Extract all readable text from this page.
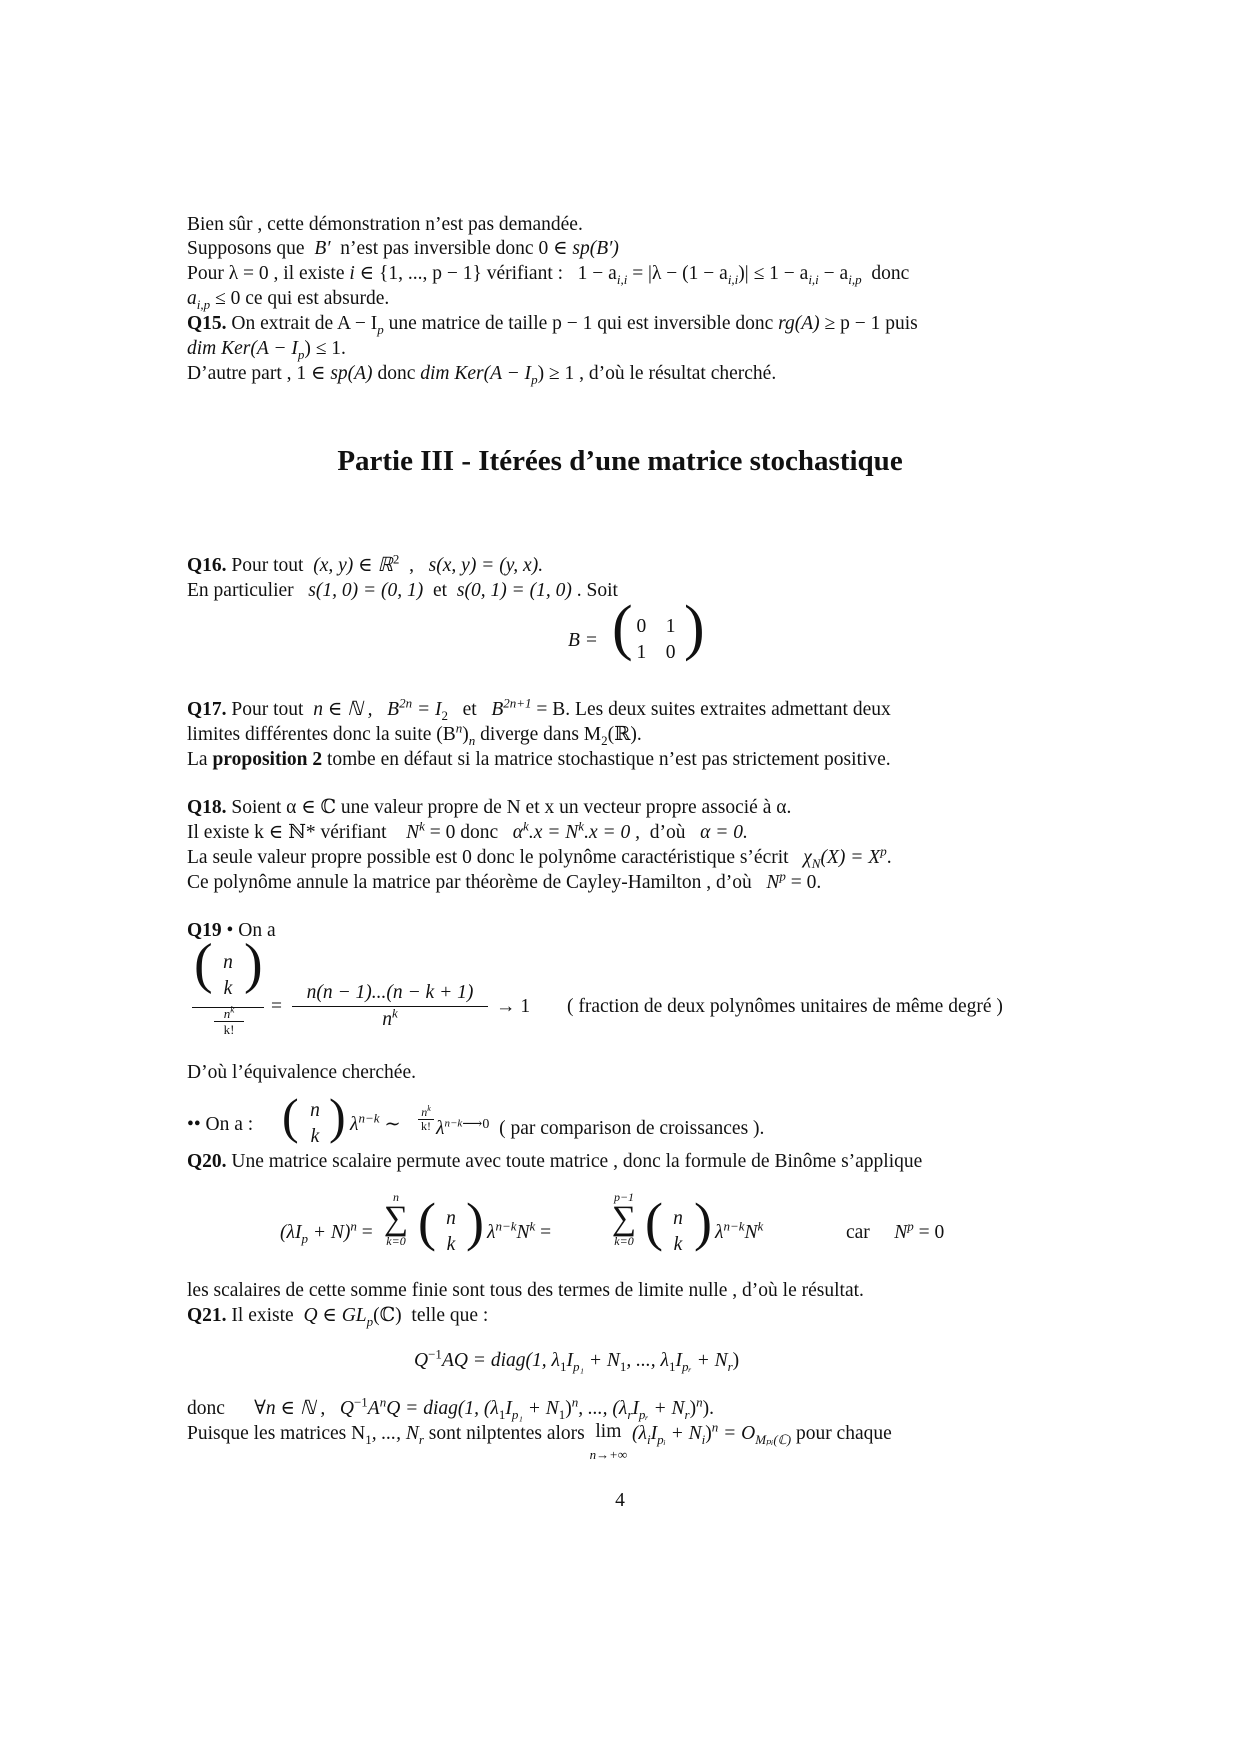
Bien sûr , cette démonstration n’est pas demandée.
Supposons que B′ n’est pas inversible donc 0 ∈ sp(B′)
Pour λ = 0 , il existe i ∈ {1, ..., p − 1} vérifiant : $1 - a_{i,i} = |\lambda - (1 - a_{i,i})| \le 1 - a_{i,i} - a_{i,p}$ donc
$a_{i,p} \le 0$ ce qui est absurde.
Q15. On extrait de $A - I_p$ une matrice de taille p − 1 qui est inversible donc rg(A) ≥ p − 1 puis
dim $Ker(A - I_p) \le 1$.
D’autre part , 1 ∈ sp(A) donc dim $Ker(A - I_p) \ge 1$ , d’où le résultat cherché.
Partie III - Itérées d’une matrice stochastique
Q16. Pour tout (x, y) ∈ ℝ$^2$ , s(x, y) = (y, x).
En particulier s(1, 0) = (0, 1) et s(0, 1) = (1, 0) . Soit
B = ( 0 1
1 0 )
Q17. Pour tout n ∈ ℕ , $B^{2n} = I_2$ et $B^{2n+1} = B$. Les deux suites extraites admettant deux
limites différentes donc la suite $(B^n)_n$ diverge dans $M_2(ℝ)$.
La proposition 2 tombe en défaut si la matrice stochastique n’est pas strictement positive.
Q18. Soient α ∈ ℂ une valeur propre de N et x un vecteur propre associé à α.
Il existe k ∈ ℕ* vérifiant $N^k = 0$ donc $\alpha^k.x = N^k.x = 0$ , d’où α = 0.
La seule valeur propre possible est 0 donc le polynôme caractéristique s’écrit $\chi_N(X) = X^p$.
Ce polynôme annule la matrice par théorème de Cayley-Hamilton , d’où $N^p = 0$.
Q19 • On a
( n
k )
$n^k$
k!
=
n(n − 1)...(n − k + 1)
$n^k$	→ 1 ( fraction de deux polynômes unitaires de même degré )
D’où l’équivalence cherchée.
•• On a : ( n
k ) $\lambda^{n-k}$ ∼
$n^k$
k! $\lambda^{n-k⟶0}$ ( par comparison de croissances ).
Q20. Une matrice scalaire permute avec toute matrice , donc la formule de Binôme s’applique
$(\lambda I_p + N)^n$ =
n
∑
k=0 ( n
k ) $\lambda^{n-k}N^k$ =
p−1
∑
k=0 ( n
k ) $\lambda^{n-k}N^k$	car $N^p = 0$
les scalaires de cette somme finie sont tous des termes de limite nulle , d’où le résultat.
Q21. Il existe Q ∈ $GL_p(ℂ)$ telle que :
$Q^{-1}AQ$ = diag(1, $\lambda_1I_{p_1} + N_1$, ..., $\lambda_1I_{pᵣ} + N_r$)
donc ∀n ∈ ℕ , $Q^{-1}A^nQ$ = diag(1, $(\lambda_1I_{p_1} + N_1)^n$, ..., $(\lambda_rI_{pᵣ} + N_r)^n$).
Puisque les matrices $N_1$, ..., $N_r$ sont nilptentes alors lim
n→+∞ $(\lambda_iI_{pᵢ} + N_i)^n = O_{M_pᵢ(ℂ)}$ pour chaque
4
